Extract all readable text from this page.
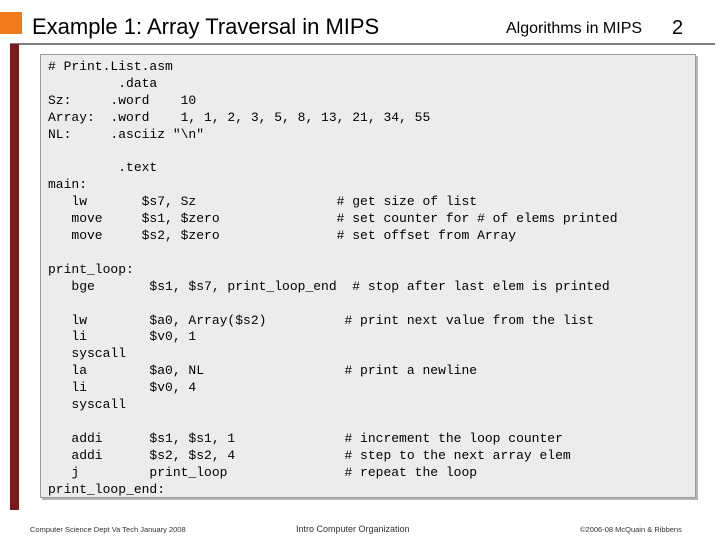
Example 1: Array Traversal in MIPS	Algorithms in MIPS 2
# Print.List.asm
.data
Sz:     .word    10
Array:  .word    1, 1, 2, 3, 5, 8, 13, 21, 34, 55
NL:     .asciiz "\n"
.text
main:
lw       $s7, Sz                  # get size of list
move     $s1, $zero               # set counter for # of elems printed
move     $s2, $zero               # set offset from Array
print_loop:
bge       $s1, $s7, print_loop_end  # stop after last elem is printed
lw        $a0, Array($s2)          # print next value from the list
li        $v0, 1
syscall
la        $a0, NL                  # print a newline
li        $v0, 4
syscall
addi      $s1, $s1, 1              # increment the loop counter
addi      $s2, $s2, 4              # step to the next array elem
j         print_loop               # repeat the loop
print_loop_end:
Computer Science Dept Va Tech January 2008	Intro Computer Organization	©2006-08 McQuain & Ribbens
